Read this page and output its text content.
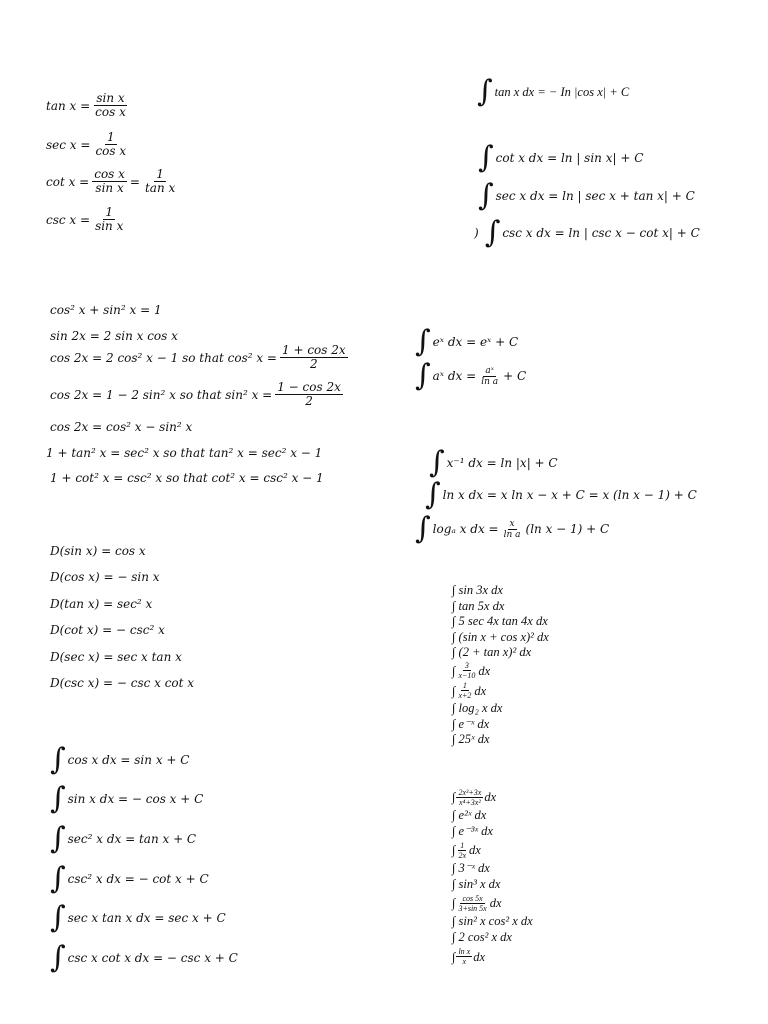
$\tan x = \frac{\text{sin x}}{\text{cos x}}$
$\sec x = \frac{1}{\text{cos x}}$
$\cot x = \frac{\text{cos x}}{\text{sin x}} = \frac{1}{\text{tan x}}$
$\csc x = \frac{1}{\text{sin x}}$
∫ tan x dx = − In |cos x| + C
∫ cot x dx = ln | sin x| + C
∫ sec x dx = ln | sec x + tan x| + C
) ∫ csc x dx = ln | csc x − cot x| + C
cos² x + sin² x = 1
sin 2x = 2 sin x cos x
cos 2x = 2 cos² x − 1 so that cos² $x = \frac{1 + \cos 2x}{2}$
cos 2x = 1 − 2 sin² x so that sin² $x = \frac{1 - \cos 2x}{2}$
cos 2x = cos² x − sin² x
1 + tan² x = sec² x so that tan² x = sec² x − 1
1 + cot² x = csc² x so that cot² x = csc² x − 1
∫ eˣ dx = eˣ + C
∫ aˣ dx = $\frac{\text{aˣ}}{\text{ln a}} + C$
∫ x⁻¹ dx = ln |x| + C
∫ ln x dx = x ln x − x + C = x (ln x − 1) + C
∫ logₐ x dx = $\frac{x}{\text{ln a}} (\ln$ x − 1) + C
D(sin x) = cos x
D(cos x) = − sin x
D(tan x) = sec² x
D(cot x) = − csc² x
D(sec x) = sec x tan x
D(csc x) = − csc x cot x
∫ sin 3x dx
∫ tan 5x dx
∫ 5 sec 4x tan 4x dx
∫ (sin x + cos x)² dx
∫ (2 + tan x)² dx
∫ $\frac{3}{x-10}$ dx
∫ $\frac{1}{x+2}$ dx
∫ log₂ x dx
∫ e⁻ˣ dx
∫ 25ˣ dx
∫ cos x dx = sin x + C
∫ sin x dx = − cos x + C
∫ sec² x dx = tan x + C
∫ csc² x dx = − cot x + C
∫ sec x tan x dx = sec x + C
∫ csc x cot x dx = − csc x + C
∫ $\frac{\text{2x³+3x}}{\text{x⁴+3x²}}$ dx
∫ e²ˣ dx
∫ e⁻³ˣ dx
∫ $\frac{1}{2x}$ dx
∫ 3⁻ˣ dx
∫ sin³ x dx
∫ $\frac{\cos 5x}{3+\sin 5x}$ dx
∫ sin² x cos² x dx
∫ 2 cos² x dx
∫ $\frac{\text{ln x}}{x}$ dx
